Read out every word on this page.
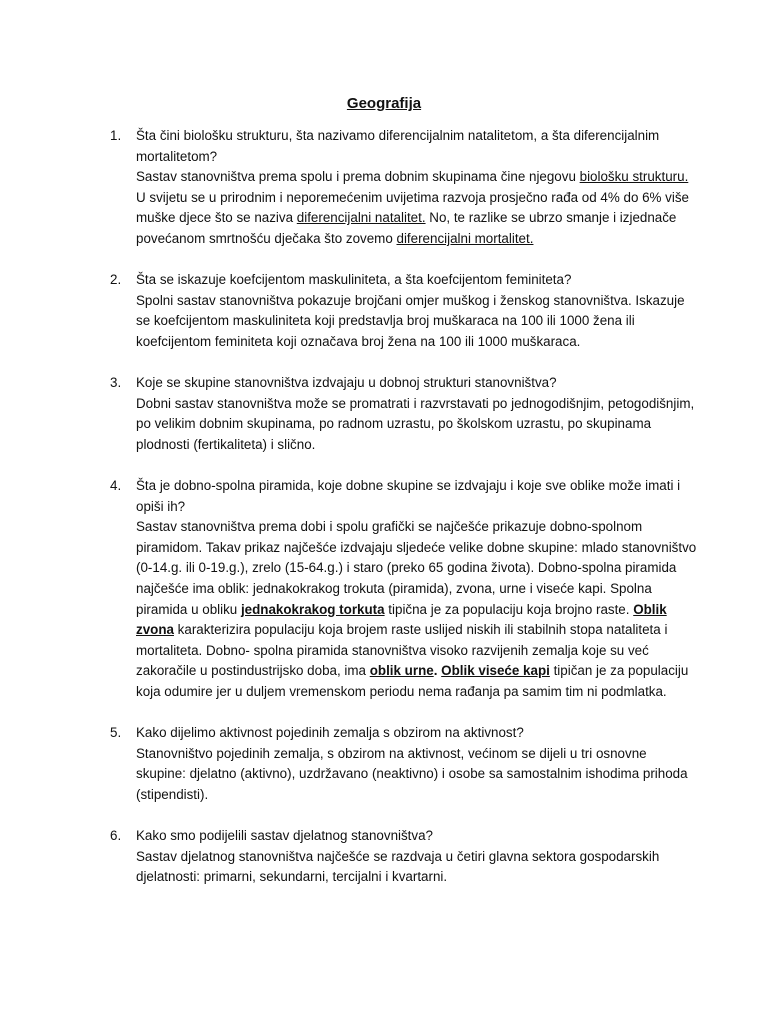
Geografija
1.	Šta čini biološku strukturu, šta nazivamo diferencijalnim natalitetom, a šta diferencijalnim mortalitetom?
Sastav stanovništva prema spolu i prema dobnim skupinama čine njegovu biološku strukturu. U svijetu se u prirodnim i neporemećenim uvijetima razvoja prosječno rađa od 4% do 6% više muške djece što se naziva diferencijalni natalitet. No, te razlike se ubrzo smanje i izjednače povećanom smrtnošću dječaka što zovemo diferencijalni mortalitet.
2.	Šta se iskazuje koefcijentom maskuliniteta, a šta koefcijentom feminiteta?
Spolni sastav stanovništva pokazuje brojčani omjer muškog i ženskog stanovništva. Iskazuje se koefcijentom maskuliniteta koji predstavlja broj muškaraca na 100 ili 1000 žena ili koefcijentom feminiteta koji označava broj žena na 100 ili 1000 muškaraca.
3.	Koje se skupine stanovništva izdvajaju u dobnoj strukturi stanovništva?
Dobni sastav stanovništva može se promatrati i razvrstavati po jednogodišnjim, petogodišnjim, po velikim dobnim skupinama, po radnom uzrastu, po školskom uzrastu, po skupinama plodnosti (fertikaliteta) i slično.
4.	Šta je dobno-spolna piramida, koje dobne skupine se izdvajaju i koje sve oblike može imati i opiši ih?
Sastav stanovništva prema dobi i spolu grafički se najčešće prikazuje dobno-spolnom piramidom. Takav prikaz najčešće izdvajaju sljedeće velike dobne skupine: mlado stanovništvo (0-14.g. ili 0-19.g.), zrelo (15-64.g.) i staro (preko 65 godina života). Dobno-spolna piramida najčešće ima oblik: jednakokrakog trokuta (piramida), zvona, urne i viseće kapi. Spolna piramida u obliku jednakokrakog torkuta tipična je za populaciju koja brojno raste. Oblik zvona karakterizira populaciju koja brojem raste uslijed niskih ili stabilnih stopa nataliteta i mortaliteta. Dobno- spolna piramida stanovništva visoko razvijenih zemalja koje su već zakoračile u postindustrijsko doba, ima oblik urne. Oblik viseće kapi tipičan je za populaciju koja odumire jer u duljem vremenskom periodu nema rađanja pa samim tim ni podmlatka.
5.	Kako dijelimo aktivnost pojedinih zemalja s obzirom na aktivnost?
Stanovništvo pojedinih zemalja, s obzirom na aktivnost, većinom se dijeli u tri osnovne skupine: djelatno (aktivno), uzdržavano (neaktivno) i osobe sa samostalnim ishodima prihoda (stipendisti).
6.	Kako smo podijelili sastav djelatnog stanovništva?
Sastav djelatnog stanovništva najčešće se razdvaja u četiri glavna sektora gospodarskih djelatnosti: primarni, sekundarni, tercijalni i kvartarni.
